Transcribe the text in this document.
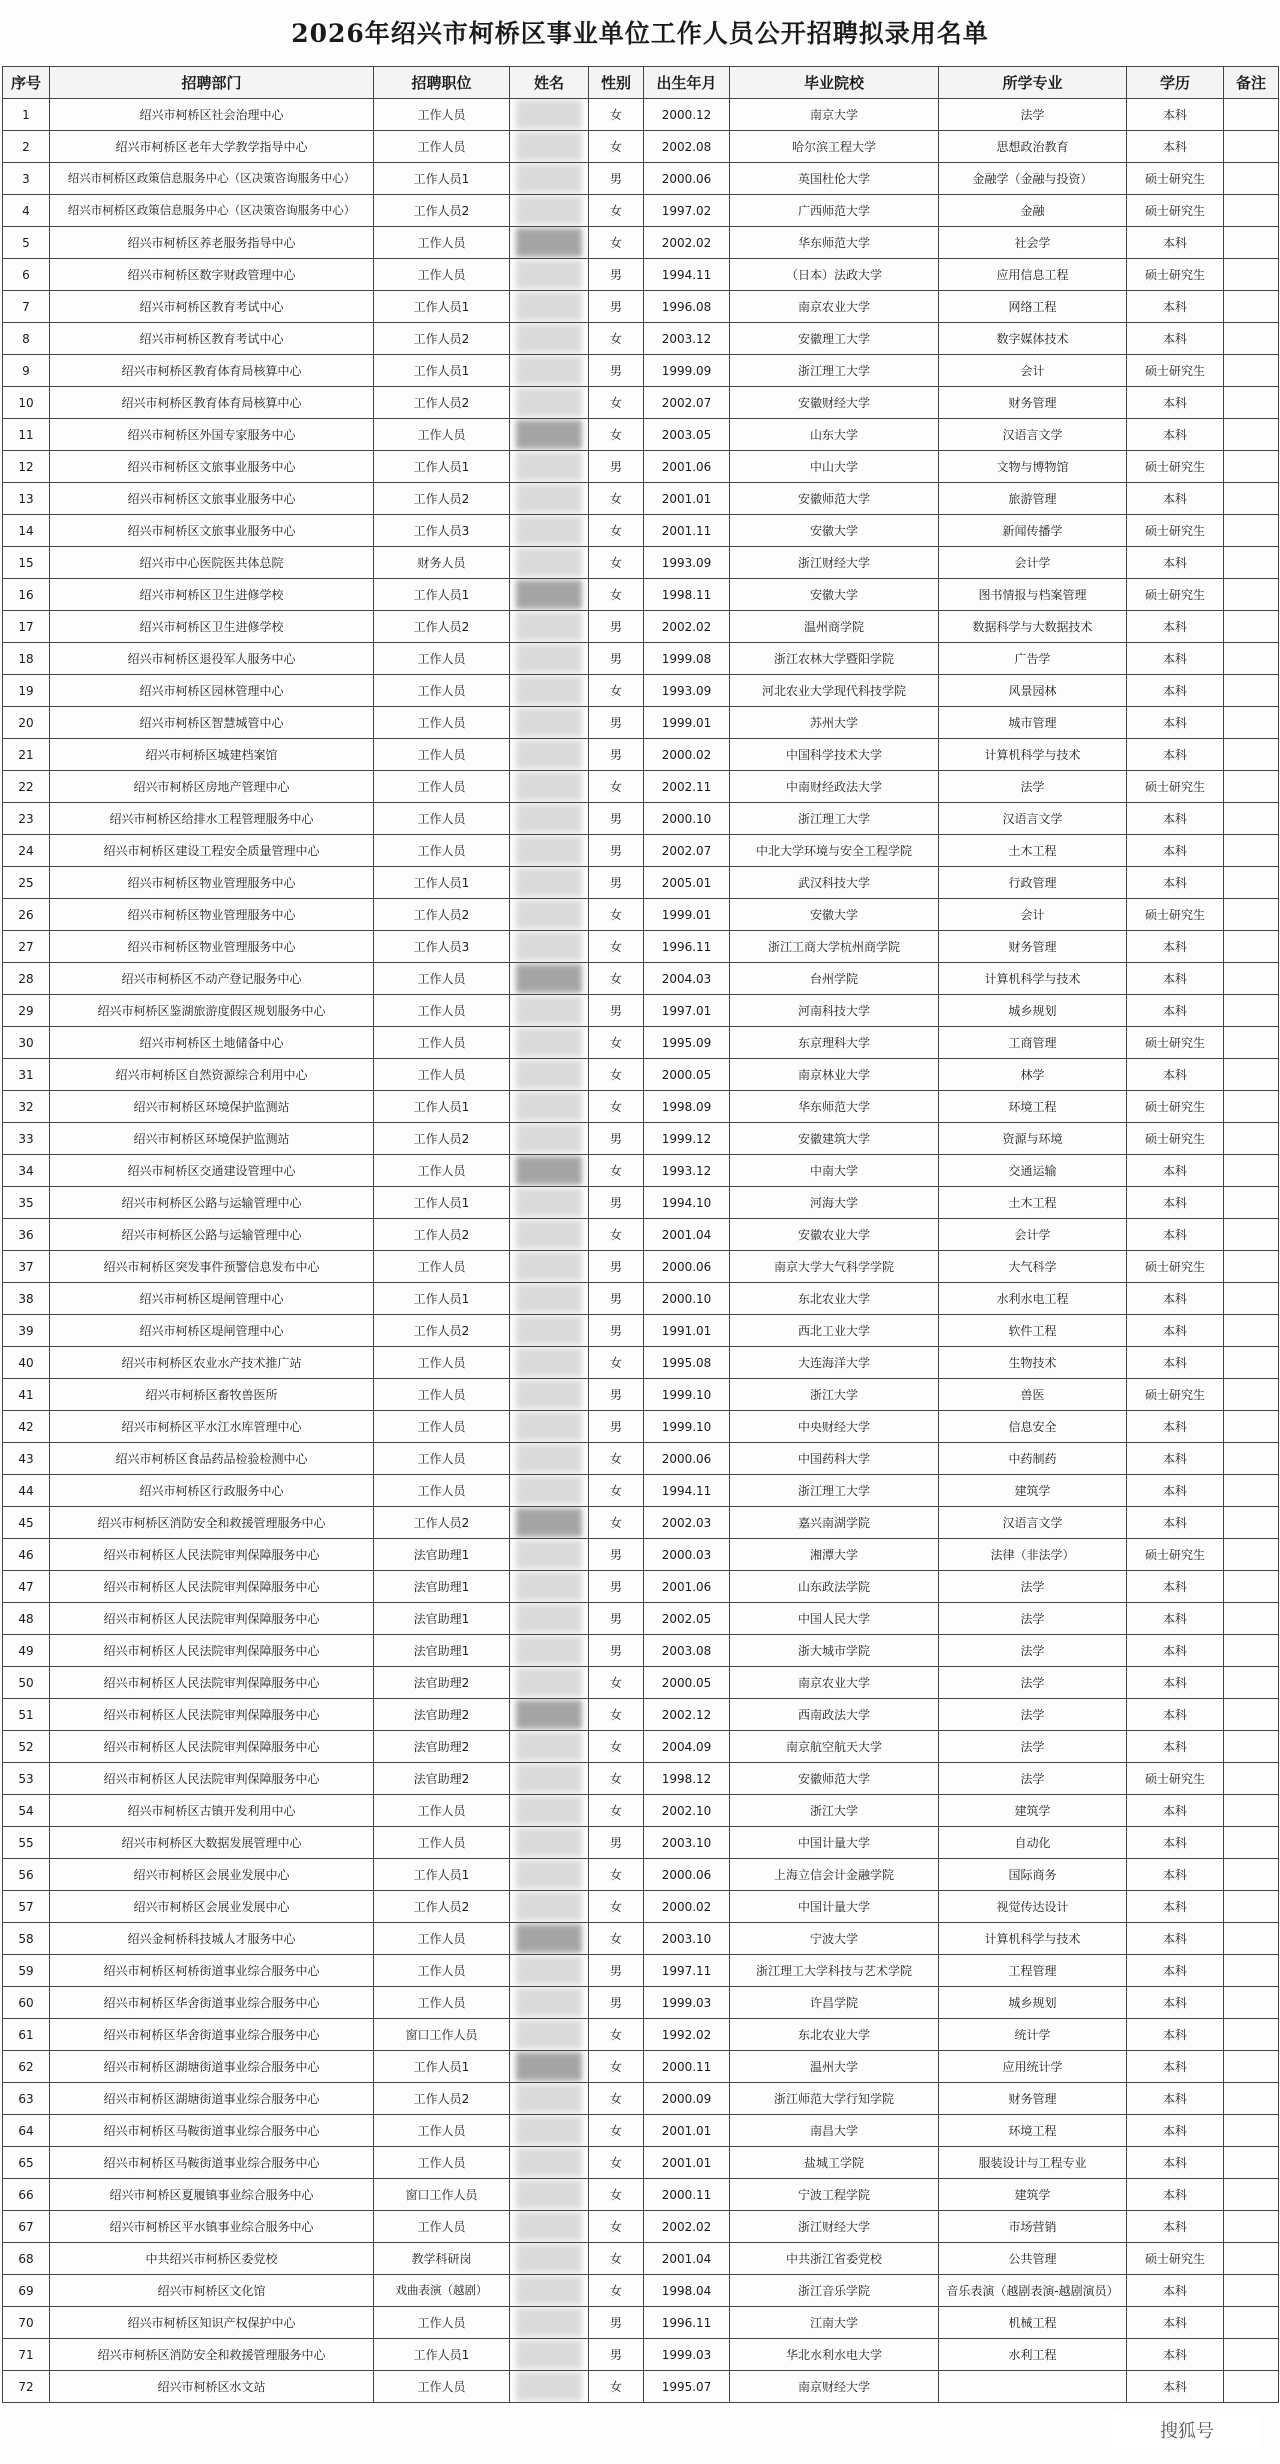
2026年绍兴市柯桥区事业单位工作人员公开招聘拟录用名单
序号	招聘部门	招聘职位	姓名	性别	出生年月	毕业院校	所学专业	学历	备注
1	绍兴市柯桥区社会治理中心	工作人员		女	2000.12	南京大学	法学	本科	
2	绍兴市柯桥区老年大学教学指导中心	工作人员		女	2002.08	哈尔滨工程大学	思想政治教育	本科	
3	绍兴市柯桥区政策信息服务中心（区决策咨询服务中心）	工作人员1		男	2000.06	英国杜伦大学	金融学（金融与投资）	硕士研究生	
4	绍兴市柯桥区政策信息服务中心（区决策咨询服务中心）	工作人员2		女	1997.02	广西师范大学	金融	硕士研究生	
5	绍兴市柯桥区养老服务指导中心	工作人员		女	2002.02	华东师范大学	社会学	本科	
6	绍兴市柯桥区数字财政管理中心	工作人员		男	1994.11	（日本）法政大学	应用信息工程	硕士研究生	
7	绍兴市柯桥区教育考试中心	工作人员1		男	1996.08	南京农业大学	网络工程	本科	
8	绍兴市柯桥区教育考试中心	工作人员2		女	2003.12	安徽理工大学	数字媒体技术	本科	
9	绍兴市柯桥区教育体育局核算中心	工作人员1		男	1999.09	浙江理工大学	会计	硕士研究生	
10	绍兴市柯桥区教育体育局核算中心	工作人员2		女	2002.07	安徽财经大学	财务管理	本科	
11	绍兴市柯桥区外国专家服务中心	工作人员		女	2003.05	山东大学	汉语言文学	本科	
12	绍兴市柯桥区文旅事业服务中心	工作人员1		男	2001.06	中山大学	文物与博物馆	硕士研究生	
13	绍兴市柯桥区文旅事业服务中心	工作人员2		女	2001.01	安徽师范大学	旅游管理	本科	
14	绍兴市柯桥区文旅事业服务中心	工作人员3		女	2001.11	安徽大学	新闻传播学	硕士研究生	
15	绍兴市中心医院医共体总院	财务人员		女	1993.09	浙江财经大学	会计学	本科	
16	绍兴市柯桥区卫生进修学校	工作人员1		女	1998.11	安徽大学	图书情报与档案管理	硕士研究生	
17	绍兴市柯桥区卫生进修学校	工作人员2		男	2002.02	温州商学院	数据科学与大数据技术	本科	
18	绍兴市柯桥区退役军人服务中心	工作人员		男	1999.08	浙江农林大学暨阳学院	广告学	本科	
19	绍兴市柯桥区园林管理中心	工作人员		女	1993.09	河北农业大学现代科技学院	风景园林	本科	
20	绍兴市柯桥区智慧城管中心	工作人员		男	1999.01	苏州大学	城市管理	本科	
21	绍兴市柯桥区城建档案馆	工作人员		男	2000.02	中国科学技术大学	计算机科学与技术	本科	
22	绍兴市柯桥区房地产管理中心	工作人员		女	2002.11	中南财经政法大学	法学	硕士研究生	
23	绍兴市柯桥区给排水工程管理服务中心	工作人员		男	2000.10	浙江理工大学	汉语言文学	本科	
24	绍兴市柯桥区建设工程安全质量管理中心	工作人员		男	2002.07	中北大学环境与安全工程学院	土木工程	本科	
25	绍兴市柯桥区物业管理服务中心	工作人员1		男	2005.01	武汉科技大学	行政管理	本科	
26	绍兴市柯桥区物业管理服务中心	工作人员2		女	1999.01	安徽大学	会计	硕士研究生	
27	绍兴市柯桥区物业管理服务中心	工作人员3		女	1996.11	浙江工商大学杭州商学院	财务管理	本科	
28	绍兴市柯桥区不动产登记服务中心	工作人员		女	2004.03	台州学院	计算机科学与技术	本科	
29	绍兴市柯桥区鉴湖旅游度假区规划服务中心	工作人员		男	1997.01	河南科技大学	城乡规划	本科	
30	绍兴市柯桥区土地储备中心	工作人员		女	1995.09	东京理科大学	工商管理	硕士研究生	
31	绍兴市柯桥区自然资源综合利用中心	工作人员		女	2000.05	南京林业大学	林学	本科	
32	绍兴市柯桥区环境保护监测站	工作人员1		女	1998.09	华东师范大学	环境工程	硕士研究生	
33	绍兴市柯桥区环境保护监测站	工作人员2		男	1999.12	安徽建筑大学	资源与环境	硕士研究生	
34	绍兴市柯桥区交通建设管理中心	工作人员		女	1993.12	中南大学	交通运输	本科	
35	绍兴市柯桥区公路与运输管理中心	工作人员1		男	1994.10	河海大学	土木工程	本科	
36	绍兴市柯桥区公路与运输管理中心	工作人员2		女	2001.04	安徽农业大学	会计学	本科	
37	绍兴市柯桥区突发事件预警信息发布中心	工作人员		男	2000.06	南京大学大气科学学院	大气科学	硕士研究生	
38	绍兴市柯桥区堤闸管理中心	工作人员1		男	2000.10	东北农业大学	水利水电工程	本科	
39	绍兴市柯桥区堤闸管理中心	工作人员2		男	1991.01	西北工业大学	软件工程	本科	
40	绍兴市柯桥区农业水产技术推广站	工作人员		女	1995.08	大连海洋大学	生物技术	本科	
41	绍兴市柯桥区畜牧兽医所	工作人员		男	1999.10	浙江大学	兽医	硕士研究生	
42	绍兴市柯桥区平水江水库管理中心	工作人员		男	1999.10	中央财经大学	信息安全	本科	
43	绍兴市柯桥区食品药品检验检测中心	工作人员		女	2000.06	中国药科大学	中药制药	本科	
44	绍兴市柯桥区行政服务中心	工作人员		女	1994.11	浙江理工大学	建筑学	本科	
45	绍兴市柯桥区消防安全和救援管理服务中心	工作人员2		女	2002.03	嘉兴南湖学院	汉语言文学	本科	
46	绍兴市柯桥区人民法院审判保障服务中心	法官助理1		男	2000.03	湘潭大学	法律（非法学）	硕士研究生	
47	绍兴市柯桥区人民法院审判保障服务中心	法官助理1		男	2001.06	山东政法学院	法学	本科	
48	绍兴市柯桥区人民法院审判保障服务中心	法官助理1		男	2002.05	中国人民大学	法学	本科	
49	绍兴市柯桥区人民法院审判保障服务中心	法官助理1		男	2003.08	浙大城市学院	法学	本科	
50	绍兴市柯桥区人民法院审判保障服务中心	法官助理2		女	2000.05	南京农业大学	法学	本科	
51	绍兴市柯桥区人民法院审判保障服务中心	法官助理2		女	2002.12	西南政法大学	法学	本科	
52	绍兴市柯桥区人民法院审判保障服务中心	法官助理2		女	2004.09	南京航空航天大学	法学	本科	
53	绍兴市柯桥区人民法院审判保障服务中心	法官助理2		女	1998.12	安徽师范大学	法学	硕士研究生	
54	绍兴市柯桥区古镇开发利用中心	工作人员		女	2002.10	浙江大学	建筑学	本科	
55	绍兴市柯桥区大数据发展管理中心	工作人员		男	2003.10	中国计量大学	自动化	本科	
56	绍兴市柯桥区会展业发展中心	工作人员1		女	2000.06	上海立信会计金融学院	国际商务	本科	
57	绍兴市柯桥区会展业发展中心	工作人员2		女	2000.02	中国计量大学	视觉传达设计	本科	
58	绍兴金柯桥科技城人才服务中心	工作人员		女	2003.10	宁波大学	计算机科学与技术	本科	
59	绍兴市柯桥区柯桥街道事业综合服务中心	工作人员		男	1997.11	浙江理工大学科技与艺术学院	工程管理	本科	
60	绍兴市柯桥区华舍街道事业综合服务中心	工作人员		男	1999.03	许昌学院	城乡规划	本科	
61	绍兴市柯桥区华舍街道事业综合服务中心	窗口工作人员		女	1992.02	东北农业大学	统计学	本科	
62	绍兴市柯桥区湖塘街道事业综合服务中心	工作人员1		女	2000.11	温州大学	应用统计学	本科	
63	绍兴市柯桥区湖塘街道事业综合服务中心	工作人员2		女	2000.09	浙江师范大学行知学院	财务管理	本科	
64	绍兴市柯桥区马鞍街道事业综合服务中心	工作人员		女	2001.01	南昌大学	环境工程	本科	
65	绍兴市柯桥区马鞍街道事业综合服务中心	工作人员		女	2001.01	盐城工学院	服装设计与工程专业	本科	
66	绍兴市柯桥区夏履镇事业综合服务中心	窗口工作人员		女	2000.11	宁波工程学院	建筑学	本科	
67	绍兴市柯桥区平水镇事业综合服务中心	工作人员		女	2002.02	浙江财经大学	市场营销	本科	
68	中共绍兴市柯桥区委党校	教学科研岗		女	2001.04	中共浙江省委党校	公共管理	硕士研究生	
69	绍兴市柯桥区文化馆	戏曲表演（越剧）		女	1998.04	浙江音乐学院	音乐表演（越剧表演-越剧演员）	本科	
70	绍兴市柯桥区知识产权保护中心	工作人员		男	1996.11	江南大学	机械工程	本科	
71	绍兴市柯桥区消防安全和救援管理服务中心	工作人员1		男	1999.03	华北水利水电大学	水利工程	本科	
72	绍兴市柯桥区水文站	工作人员		女	1995.07	南京财经大学		本科	
搜狐号
